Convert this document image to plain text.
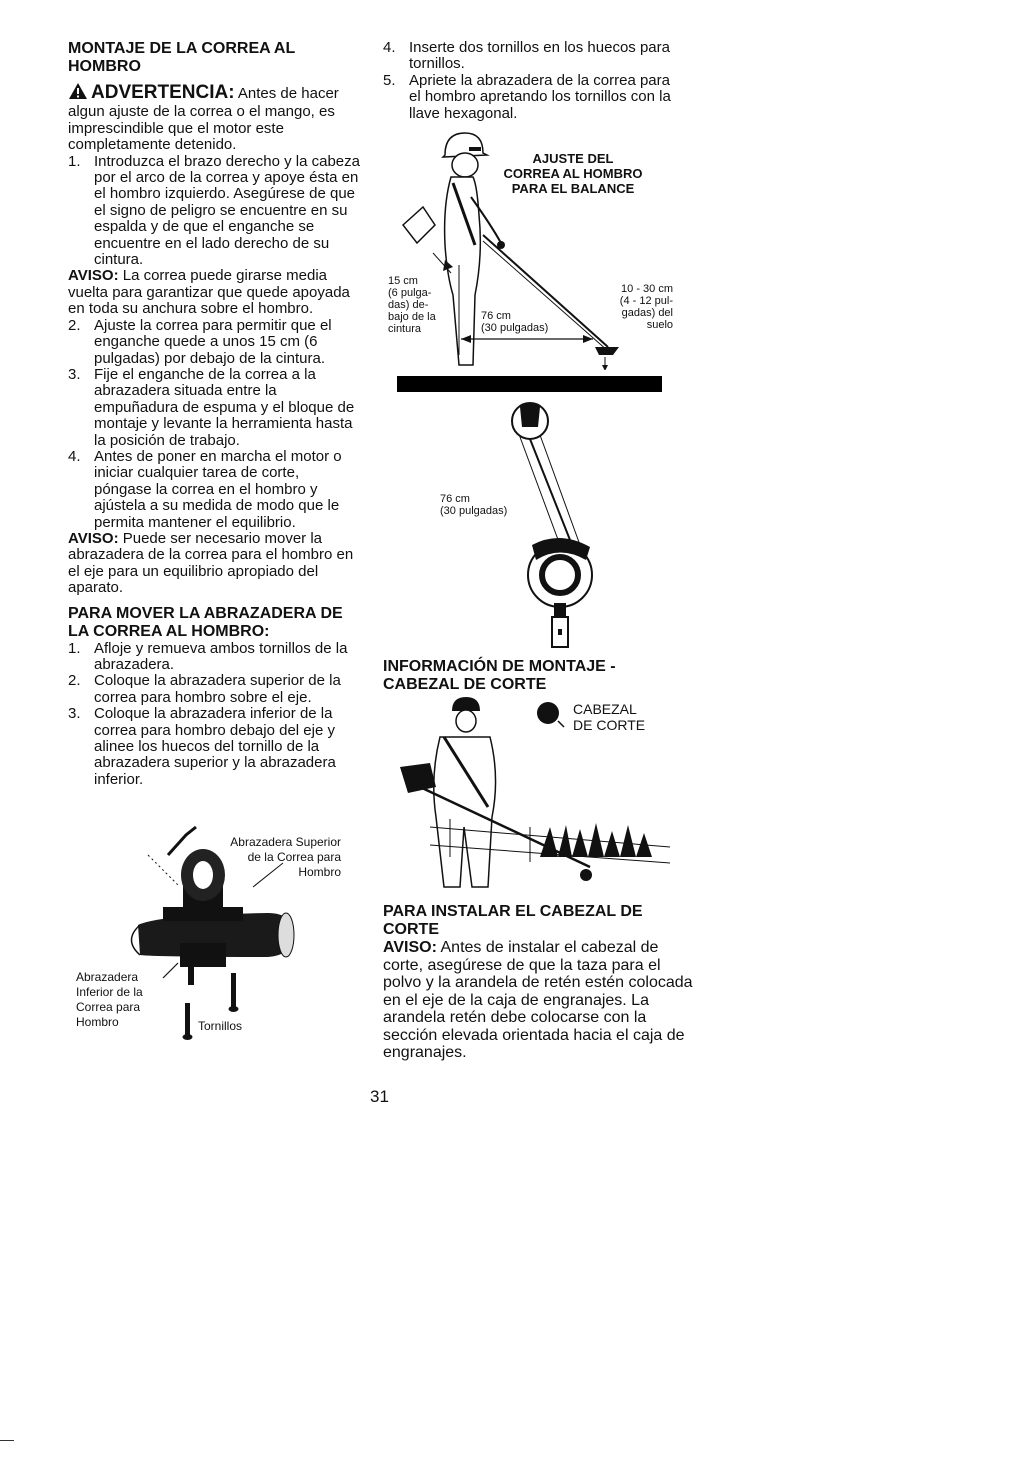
MONTAJE DE LA CORREA AL HOMBRO

ADVERTENCIA: Antes de hacer algun ajuste de la correa o el mango, es imprescindible que el motor este completamente detenido.

1. Introduzca el brazo derecho y la cabeza por el arco de la correa y apoye ésta en el hombro izquierdo. Asegúrese de que el signo de peligro se encuentre en su espalda y de que el enganche se encuentre en el lado derecho de su cintura.

AVISO: La correa puede girarse media vuelta para garantizar que quede apoyada en toda su anchura sobre el hombro.

2. Ajuste la correa para permitir que el enganche quede a unos 15 cm (6 pulgadas) por debajo de la cintura.
3. Fije el enganche de la correa a la abrazadera situada entre la empuñadura de espuma y el bloque de montaje y levante la herramienta hasta la posición de trabajo.
4. Antes de poner en marcha el motor o iniciar cualquier tarea de corte, póngase la correa en el hombro y ajústela a su medida de modo que le permita mantener el equilibrio.

AVISO: Puede ser necesario mover la abrazadera de la correa para el hombro en el eje para un equilibrio apropiado del aparato.

PARA MOVER LA ABRAZADERA DE LA CORREA AL HOMBRO:
1. Afloje y remueva ambos tornillos de la abrazadera.
2. Coloque la abrazadera superior de la correa para hombro sobre el eje.
3. Coloque la abrazadera inferior de la correa para hombro debajo del eje y alinee los huecos del tornillo de la abrazadera superior y la abrazadera inferior.
Abrazadera Superior
de la Correa para
Hombro
Abrazadera
Inferior de la
Correa para
Hombro	Tornillos
4. Inserte dos tornillos en los huecos para tornillos.
5. Apriete la abrazadera de la correa para el hombro apretando los tornillos con la llave hexagonal.
AJUSTE DEL
CORREA AL HOMBRO
PARA EL BALANCE
15 cm
(6 pulga-
das) de-
bajo de la
cintura
76 cm
(30 pulgadas)
10 - 30 cm
(4 - 12 pul-
gadas) del
suelo
76 cm
(30 pulgadas)
INFORMACIÓN DE MONTAJE - CABEZAL DE CORTE
CABEZAL
DE CORTE
PARA INSTALAR EL CABEZAL DE CORTE

AVISO: Antes de instalar el cabezal de corte, asegúrese de que la taza para el polvo y la arandela de retén estén colocada en el eje de la caja de engranajes. La arandela retén debe colocarse con la sección elevada orientada hacia el caja de engranajes.

31
